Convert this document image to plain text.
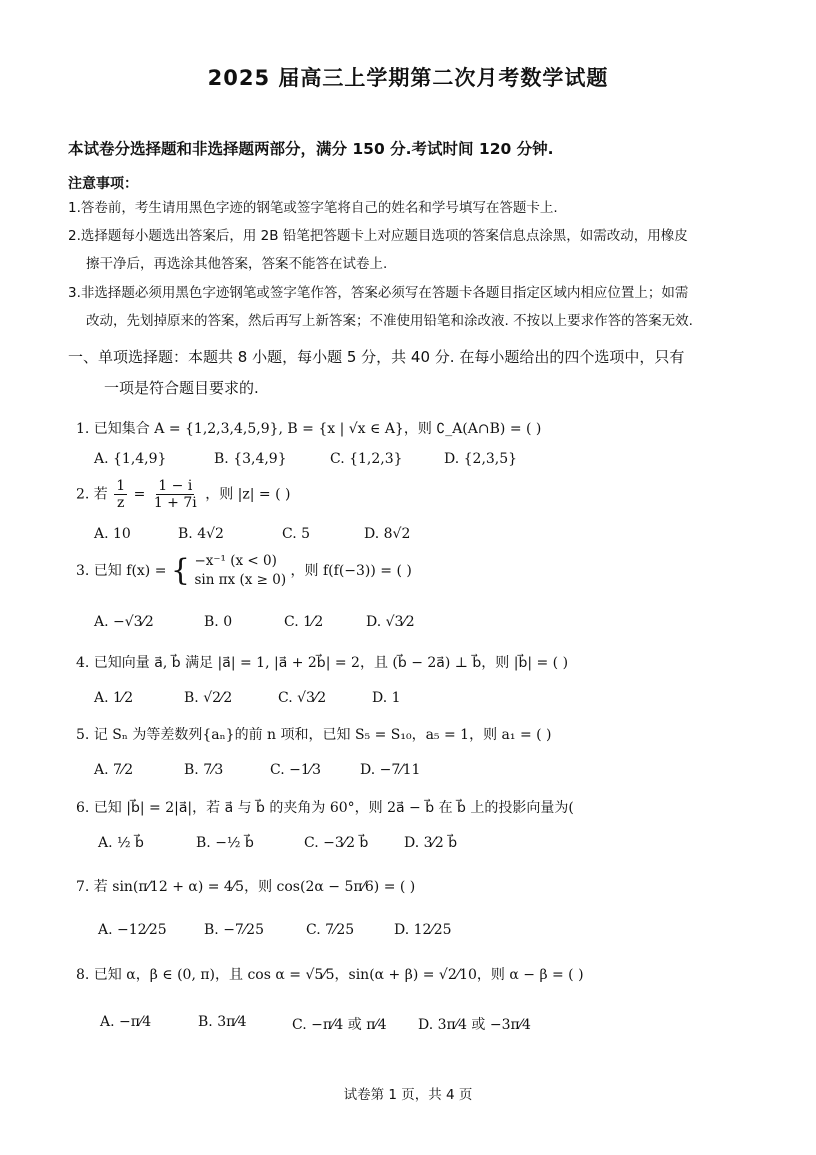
2025 届高三上学期第二次月考数学试题
本试卷分选择题和非选择题两部分，满分 150 分.考试时间 120 分钟.
注意事项：
1.答卷前，考生请用黑色字迹的钢笔或签字笔将自己的姓名和学号填写在答题卡上.
2.选择题每小题选出答案后，用 2B 铅笔把答题卡上对应题目选项的答案信息点涂黑，如需改动，用橡皮
擦干净后，再选涂其他答案，答案不能答在试卷上.
3.非选择题必须用黑色字迹钢笔或签字笔作答，答案必须写在答题卡各题目指定区域内相应位置上；如需
改动，先划掉原来的答案，然后再写上新答案；不准使用铅笔和涂改液. 不按以上要求作答的答案无效.
一、单项选择题：本题共 8 小题，每小题 5 分，共 40 分. 在每小题给出的四个选项中，只有
一项是符合题目要求的.
1. 已知集合 A = {1,2,3,4,5,9}, B = {x | √x ∈ A}，则 ∁_A(A∩B) = ( )
A. {1,4,9}	B. {3,4,9}	C. {1,2,3}	D. {2,3,5}
2. 若 $\frac{1}{z} = \frac{1 - i}{1 + 7i}$ ，则 |z| = ( )
A. 10	B. 4√2	C. 5	D. 8√2
3. 已知 f(x) = { −x⁻¹ (x < 0)
sin πx (x ≥ 0)
，则 f(f(−3)) = ( )
A. −√3⁄2	B. 0	C. 1⁄2	D. √3⁄2
4. 已知向量 a⃗, b⃗ 满足 |a⃗| = 1, |a⃗ + 2b⃗| = 2，且 (b⃗ − 2a⃗) ⊥ b⃗，则 |b⃗| = ( )
A. 1⁄2	B. √2⁄2	C. √3⁄2	D. 1
5. 记 Sₙ 为等差数列{aₙ}的前 n 项和，已知 S₅ = S₁₀，a₅ = 1，则 a₁ = ( )
A. 7⁄2	B. 7⁄3	C. −1⁄3	D. −7⁄11
6. 已知 |b⃗| = 2|a⃗|，若 a⃗ 与 b⃗ 的夹角为 60°，则 2a⃗ − b⃗ 在 b⃗ 上的投影向量为(
A. ½ b⃗	B. −½ b⃗	C. −3⁄2 b⃗	D. 3⁄2 b⃗
7. 若 sin(π⁄12 + α) = 4⁄5，则 cos(2α − 5π⁄6) = ( )
A. −12⁄25	B. −7⁄25	C. 7⁄25	D. 12⁄25
8. 已知 α，β ∈ (0, π)，且 cos α = √5⁄5，sin(α + β) = √2⁄10，则 α − β = ( )
A. −π⁄4	B. 3π⁄4	C. −π⁄4 或 π⁄4 D. 3π⁄4 或 −3π⁄4
试卷第 1 页，共 4 页
